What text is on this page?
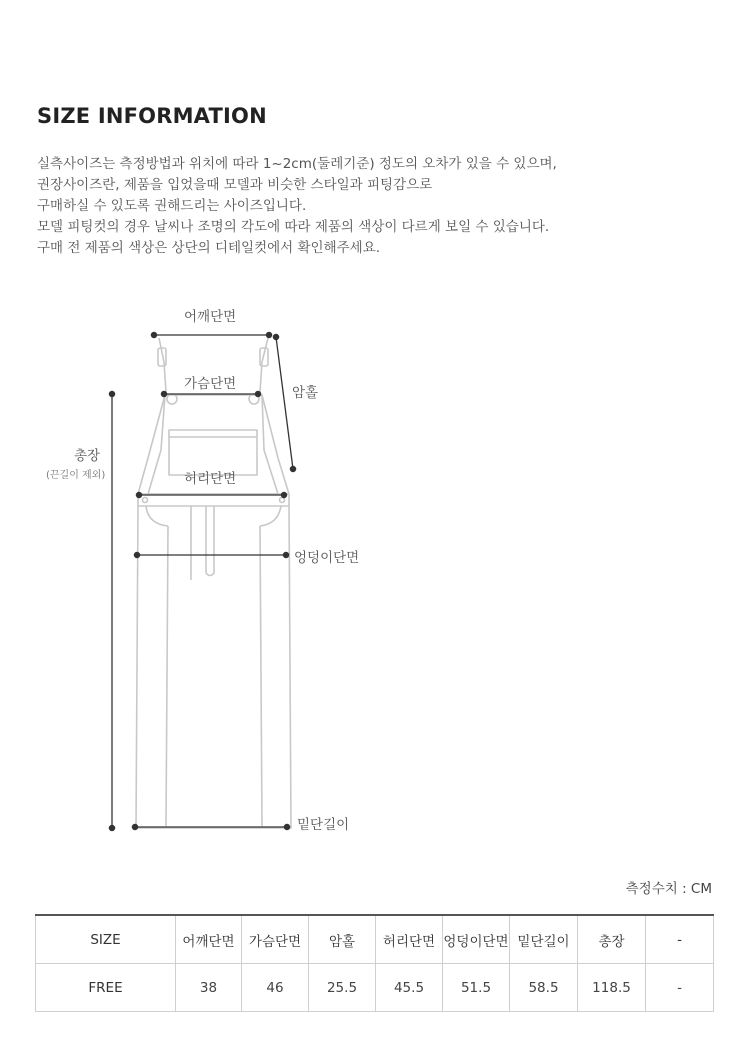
SIZE INFORMATION
실측사이즈는 측정방법과 위치에 따라 1~2cm(둘레기준) 정도의 오차가 있을 수 있으며,
권장사이즈란, 제품을 입었을때 모델과 비슷한 스타일과 피팅감으로
구매하실 수 있도록 권해드리는 사이즈입니다.
모델 피팅컷의 경우 날씨나 조명의 각도에 따라 제품의 색상이 다르게 보일 수 있습니다.
구매 전 제품의 색상은 상단의 디테일컷에서 확인해주세요.
어깨단면
가슴단면
암홀
총장
(끈길이 제외)	허리단면
엉덩이단면
밑단길이
측정수치 : CM
SIZE	어깨단면	가슴단면	암홀	허리단면	엉덩이단면	밑단길이	총장	-
FREE	38	46	25.5	45.5	51.5	58.5	118.5	-
